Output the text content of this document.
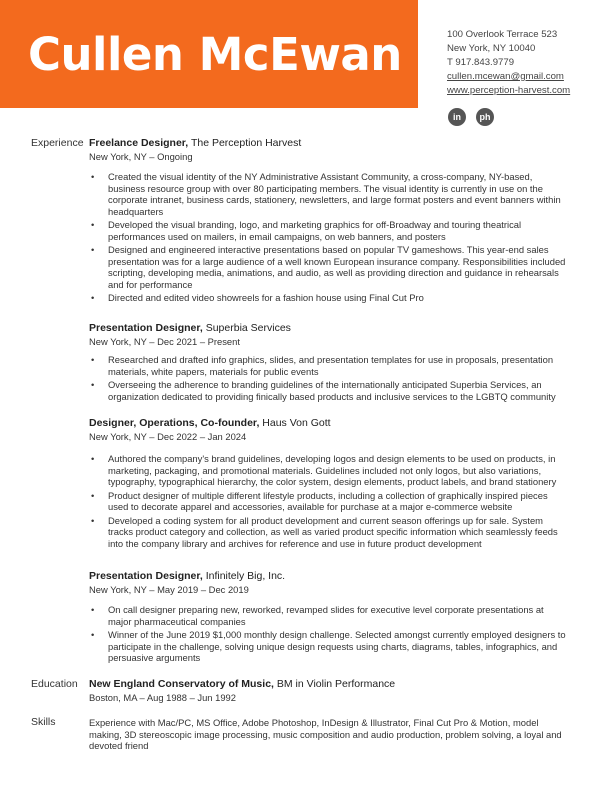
Cullen McEwan	100 Overlook Terrace 523
New York, NY 10040
T 917.843.9779
cullen.mcewan@gmail.com
www.perception-harvest.com
in	ph
Experience Freelance Designer, The Perception Harvest
New York, NY – Ongoing
• Created the visual identity of the NY Administrative Assistant Community, a cross-company, NY-based, business resource group with over 80 participating members. The visual identity is currently in use on the corporate intranet, business cards, stationery, newsletters, and large format posters and event banners within headquarters
• Developed the visual branding, logo, and marketing graphics for off-Broadway and touring theatrical performances used on mailers, in email campaigns, on web banners, and posters
• Designed and engineered interactive presentations based on popular TV gameshows. This year-end sales presentation was for a large audience of a well known European insurance company. Responsibilities included scripting, developing media, animations, and audio, as well as providing direction and guidance in rehearsals and for performance
• Directed and edited video showreels for a fashion house using Final Cut Pro
Presentation Designer, Superbia Services
New York, NY – Dec 2021 – Present
• Researched and drafted info graphics, slides, and presentation templates for use in proposals, presentation materials, white papers, materials for public events
• Overseeing the adherence to branding guidelines of the internationally anticipated Superbia Services, an organization dedicated to providing finically based products and inclusive services to the LGBTQ community
Designer, Operations, Co-founder, Haus Von Gott
New York, NY – Dec 2022 – Jan 2024
• Authored the company's brand guidelines, developing logos and design elements to be used on products, in marketing, packaging, and promotional materials. Guidelines included not only logos, but also variations, typography, typographical hierarchy, the color system, design elements, product labels, and brand stationery
• Product designer of multiple different lifestyle products, including a collection of graphically inspired pieces used to decorate apparel and accessories, available for purchase at a major e-commerce website
• Developed a coding system for all product development and current season offerings up for sale. System tracks product category and collection, as well as varied product specific information which seamlessly feeds into the company library and archives for reference and use in future product development
Presentation Designer, Infinitely Big, Inc.
New York, NY – May 2019 – Dec 2019
• On call designer preparing new, reworked, revamped slides for executive level corporate presentations at major pharmaceutical companies
• Winner of the June 2019 $1,000 monthly design challenge. Selected amongst currently employed designers to participate in the challenge, solving unique design requests using charts, diagrams, tables, infographics, and persuasive arguments
Education New England Conservatory of Music, BM in Violin Performance
Boston, MA – Aug 1988 – Jun 1992
Skills	Experience with Mac/PC, MS Office, Adobe Photoshop, InDesign & Illustrator, Final Cut Pro & Motion, model making, 3D stereoscopic image processing, music composition and audio production, problem solving, a loyal and devoted friend
